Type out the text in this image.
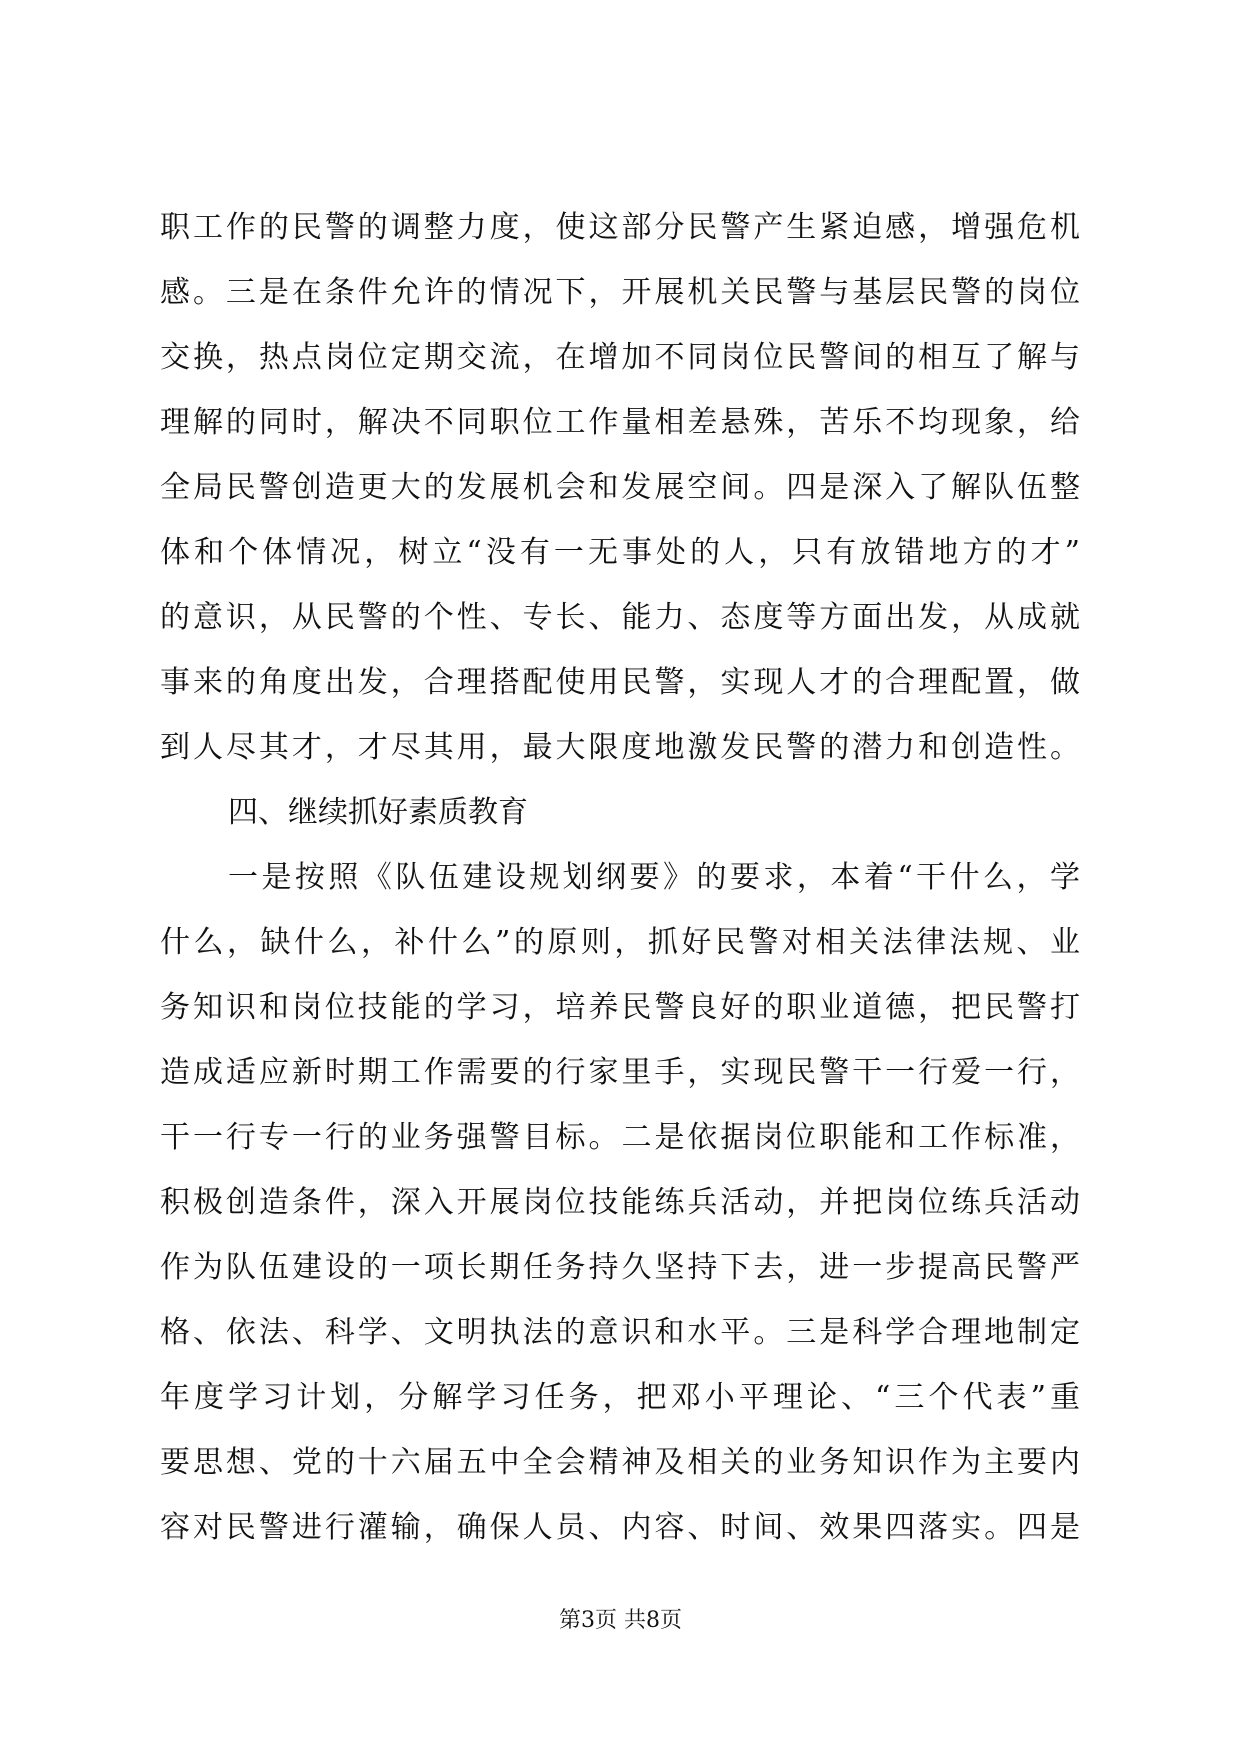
职工作的民警的调整力度，使这部分民警产生紧迫感，增强危机
感。三是在条件允许的情况下，开展机关民警与基层民警的岗位
交换，热点岗位定期交流，在增加不同岗位民警间的相互了解与
理解的同时，解决不同职位工作量相差悬殊，苦乐不均现象，给
全局民警创造更大的发展机会和发展空间。四是深入了解队伍整
体和个体情况，树立“没有一无事处的人，只有放错地方的才”
的意识，从民警的个性、专长、能力、态度等方面出发，从成就
事来的角度出发，合理搭配使用民警，实现人才的合理配置，做
到人尽其才，才尽其用，最大限度地激发民警的潜力和创造性。
四、继续抓好素质教育
一是按照《队伍建设规划纲要》的要求，本着“干什么，学
什么，缺什么，补什么”的原则，抓好民警对相关法律法规、业
务知识和岗位技能的学习，培养民警良好的职业道德，把民警打
造成适应新时期工作需要的行家里手，实现民警干一行爱一行，
干一行专一行的业务强警目标。二是依据岗位职能和工作标准，
积极创造条件，深入开展岗位技能练兵活动，并把岗位练兵活动
作为队伍建设的一项长期任务持久坚持下去，进一步提高民警严
格、依法、科学、文明执法的意识和水平。三是科学合理地制定
年度学习计划，分解学习任务，把邓小平理论、“三个代表”重
要思想、党的十六届五中全会精神及相关的业务知识作为主要内
容对民警进行灌输，确保人员、内容、时间、效果四落实。四是
第3页 共8页
